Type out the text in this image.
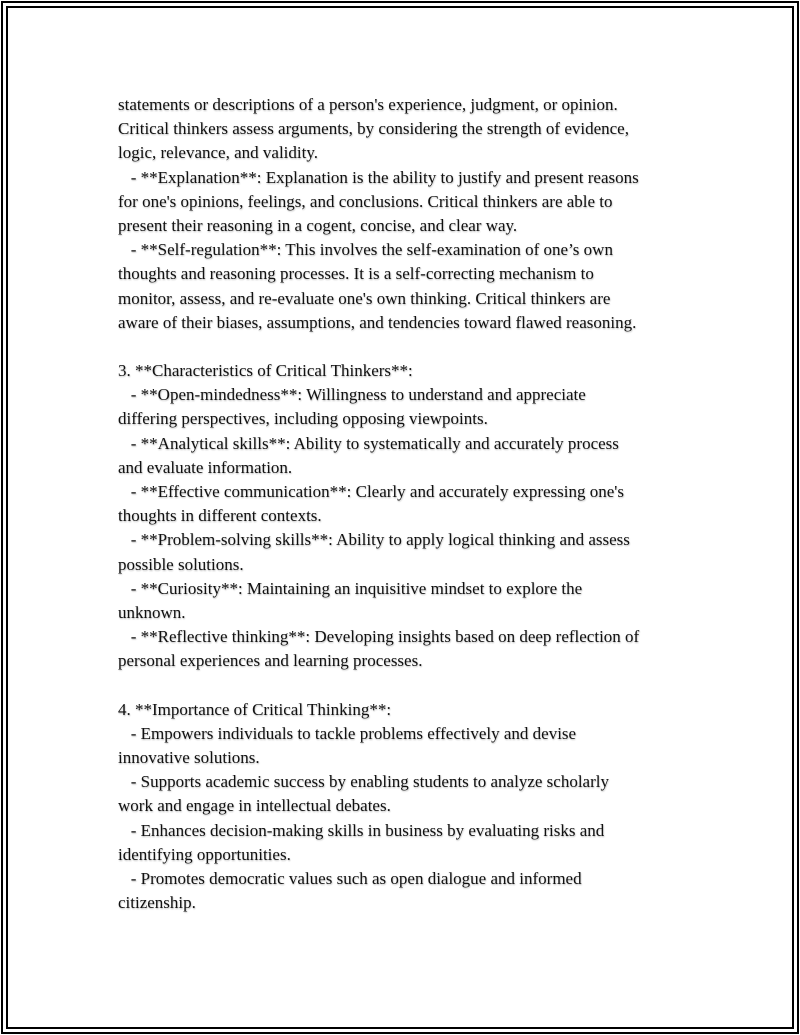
statements or descriptions of a person's experience, judgment, or opinion.
Critical thinkers assess arguments, by considering the strength of evidence,
logic, relevance, and validity.
- **Explanation**: Explanation is the ability to justify and present reasons
for one's opinions, feelings, and conclusions. Critical thinkers are able to
present their reasoning in a cogent, concise, and clear way.
- **Self-regulation**: This involves the self-examination of one’s own
thoughts and reasoning processes. It is a self-correcting mechanism to
monitor, assess, and re-evaluate one's own thinking. Critical thinkers are
aware of their biases, assumptions, and tendencies toward flawed reasoning.
3. **Characteristics of Critical Thinkers**:
- **Open-mindedness**: Willingness to understand and appreciate
differing perspectives, including opposing viewpoints.
- **Analytical skills**: Ability to systematically and accurately process
and evaluate information.
- **Effective communication**: Clearly and accurately expressing one's
thoughts in different contexts.
- **Problem-solving skills**: Ability to apply logical thinking and assess
possible solutions.
- **Curiosity**: Maintaining an inquisitive mindset to explore the
unknown.
- **Reflective thinking**: Developing insights based on deep reflection of
personal experiences and learning processes.
4. **Importance of Critical Thinking**:
- Empowers individuals to tackle problems effectively and devise
innovative solutions.
- Supports academic success by enabling students to analyze scholarly
work and engage in intellectual debates.
- Enhances decision-making skills in business by evaluating risks and
identifying opportunities.
- Promotes democratic values such as open dialogue and informed
citizenship.
